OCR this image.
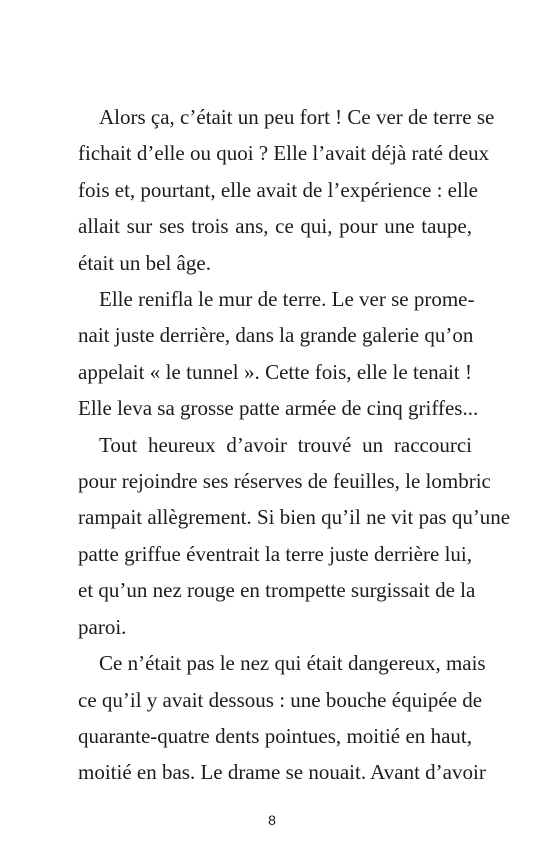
Alors ça, c’était un peu fort ! Ce ver de terre se
fichait d’elle ou quoi ? Elle l’avait déjà raté deux
fois et, pourtant, elle avait de l’expérience : elle
allait sur ses trois ans, ce qui, pour une taupe,
était un bel âge.

Elle renifla le mur de terre. Le ver se prome-
nait juste derrière, dans la grande galerie qu’on
appelait « le tunnel ». Cette fois, elle le tenait !
Elle leva sa grosse patte armée de cinq griffes...

Tout heureux d’avoir trouvé un raccourci
pour rejoindre ses réserves de feuilles, le lombric
rampait allègrement. Si bien qu’il ne vit pas qu’une
patte griffue éventrait la terre juste derrière lui,
et qu’un nez rouge en trompette surgissait de la
paroi.

Ce n’était pas le nez qui était dangereux, mais
ce qu’il y avait dessous : une bouche équipée de
quarante-quatre dents pointues, moitié en haut,
moitié en bas. Le drame se nouait. Avant d’avoir

8
